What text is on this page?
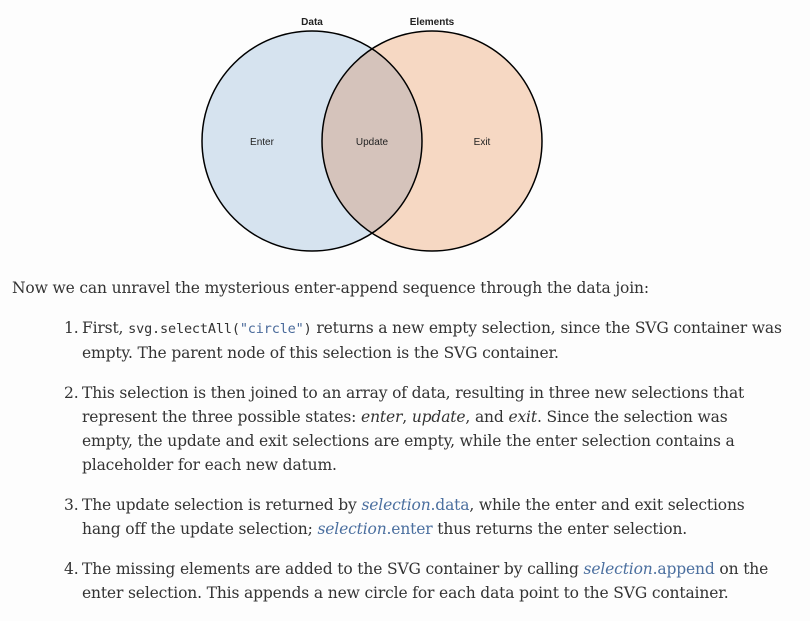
Data	Elements
Enter	Update	Exit

Now we can unravel the mysterious enter-append sequence through the data join:

1. First, svg.selectAll("circle") returns a new empty selection, since the SVG container was empty. The parent node of this selection is the SVG container.
2. This selection is then joined to an array of data, resulting in three new selections that represent the three possible states: enter, update, and exit. Since the selection was empty, the update and exit selections are empty, while the enter selection contains a placeholder for each new datum.
3. The update selection is returned by selection.data, while the enter and exit selections hang off the update selection; selection.enter thus returns the enter selection.
4. The missing elements are added to the SVG container by calling selection.append on the enter selection. This appends a new circle for each data point to the SVG container.
